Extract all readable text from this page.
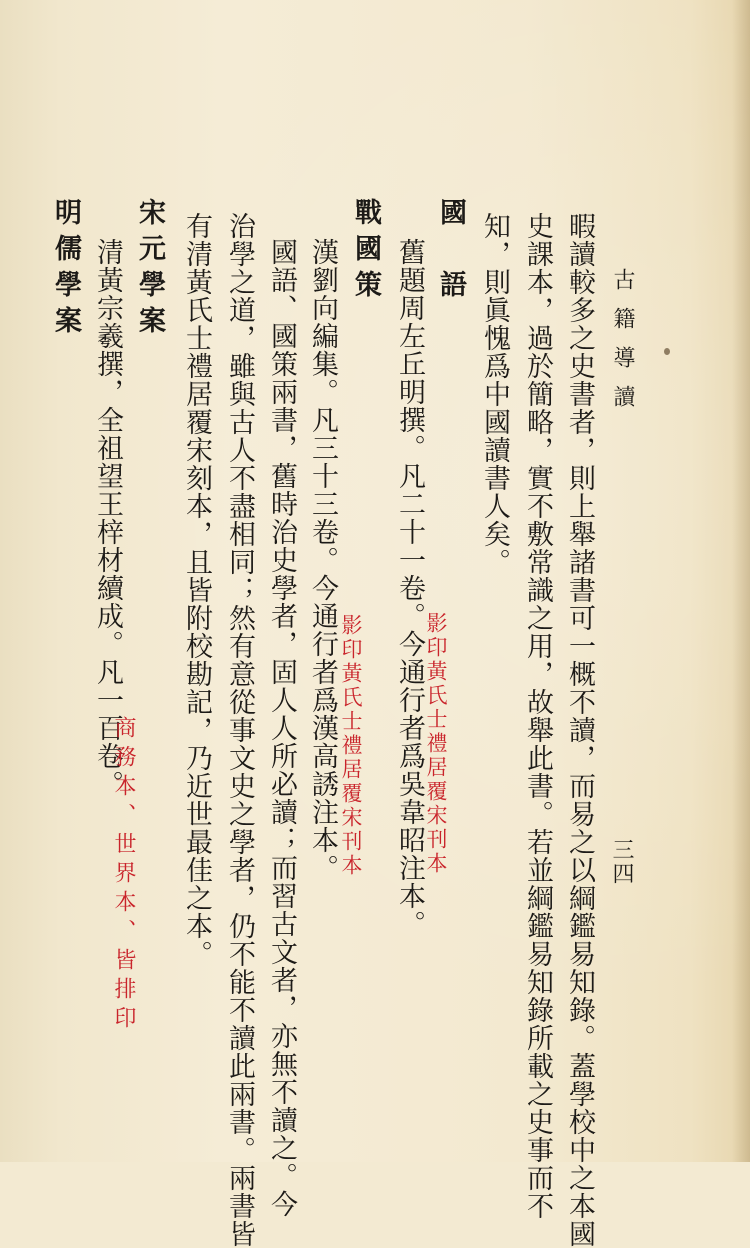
古籍導讀
三四
暇讀較多之史書者，則上舉諸書可一概不讀，而易之以綱鑑易知錄。蓋學校中之本國
史課本，過於簡略，實不敷常識之用，故舉此書。若並綱鑑易知錄所載之史事而不
知，則眞愧爲中國讀書人矣。
國　語
舊題周左丘明撰。凡二十一卷。今通行者爲吳韋昭注本。
戰國策
漢劉向編集。凡三十三卷。今通行者爲漢高誘注本。
國語、國策兩書，舊時治史學者，固人人所必讀；而習古文者，亦無不讀之。今
治學之道，雖與古人不盡相同；然有意從事文史之學者，仍不能不讀此兩書。兩書皆
有清黃氏士禮居覆宋刻本，且皆附校勘記，乃近世最佳之本。
宋元學案
清黃宗羲撰，全祖望王梓材續成。凡一百卷。
明儒學案
影印黃氏士禮居覆宋刊本
影印黃氏士禮居覆宋刊本
商務本、世界本、皆排印
